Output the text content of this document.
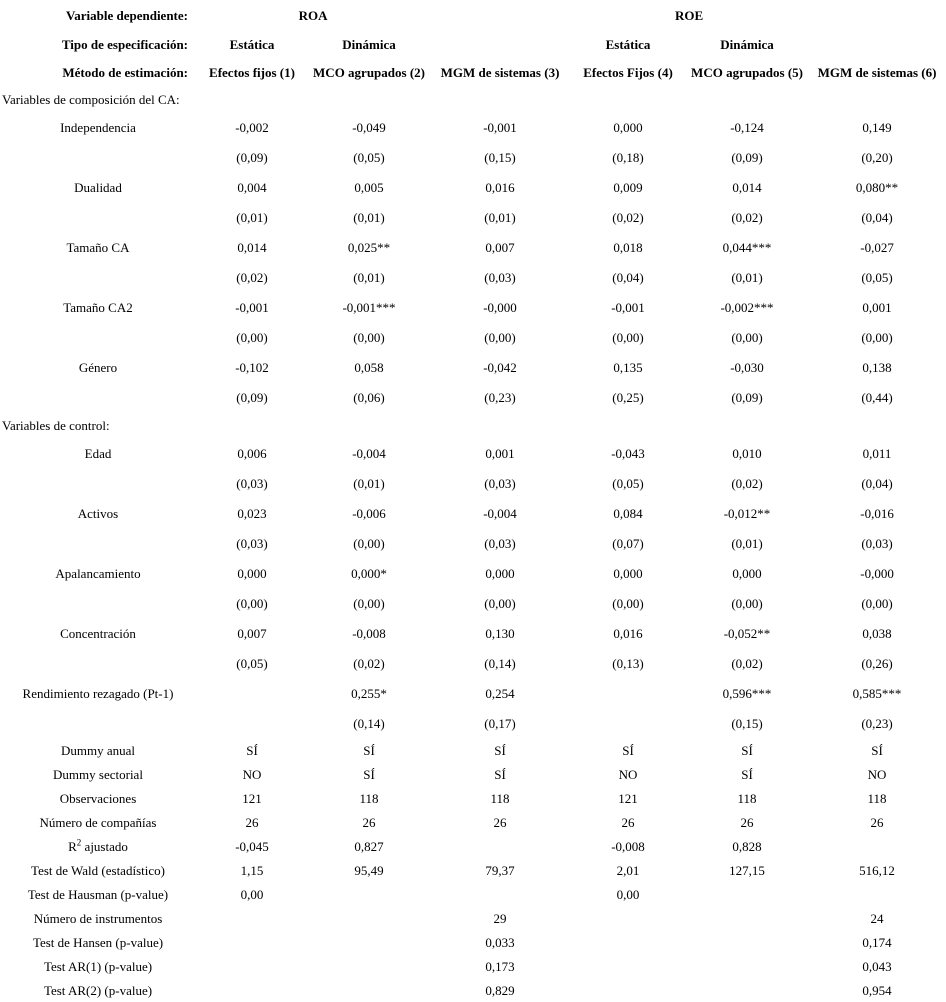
Variable dependiente:	ROA			ROE		
Tipo de especificación:	Estática	Dinámica		Estática	Dinámica	
Método de estimación:	Efectos fijos (1)	MCO agrupados (2)	MGM de sistemas (3)	Efectos Fijos (4)	MCO agrupados (5)	MGM de sistemas (6)
Variables de composición del CA:						
Independencia	-0,002	-0,049	-0,001	0,000	-0,124	0,149
	(0,09)	(0,05)	(0,15)	(0,18)	(0,09)	(0,20)
Dualidad	0,004	0,005	0,016	0,009	0,014	0,080**
	(0,01)	(0,01)	(0,01)	(0,02)	(0,02)	(0,04)
Tamaño CA	0,014	0,025**	0,007	0,018	0,044***	-0,027
	(0,02)	(0,01)	(0,03)	(0,04)	(0,01)	(0,05)
Tamaño CA2	-0,001	-0,001***	-0,000	-0,001	-0,002***	0,001
	(0,00)	(0,00)	(0,00)	(0,00)	(0,00)	(0,00)
Género	-0,102	0,058	-0,042	0,135	-0,030	0,138
	(0,09)	(0,06)	(0,23)	(0,25)	(0,09)	(0,44)
Variables de control:						
Edad	0,006	-0,004	0,001	-0,043	0,010	0,011
	(0,03)	(0,01)	(0,03)	(0,05)	(0,02)	(0,04)
Activos	0,023	-0,006	-0,004	0,084	-0,012**	-0,016
	(0,03)	(0,00)	(0,03)	(0,07)	(0,01)	(0,03)
Apalancamiento	0,000	0,000*	0,000	0,000	0,000	-0,000
	(0,00)	(0,00)	(0,00)	(0,00)	(0,00)	(0,00)
Concentración	0,007	-0,008	0,130	0,016	-0,052**	0,038
	(0,05)	(0,02)	(0,14)	(0,13)	(0,02)	(0,26)
Rendimiento rezagado (Pt-1)		0,255*	0,254		0,596***	0,585***
		(0,14)	(0,17)		(0,15)	(0,23)
Dummy anual	SÍ	SÍ	SÍ	SÍ	SÍ	SÍ
Dummy sectorial	NO	SÍ	SÍ	NO	SÍ	NO
Observaciones	121	118	118	121	118	118
Número de compañías	26	26	26	26	26	26
$R^2$ ajustado	-0,045	0,827		-0,008	0,828	
Test de Wald (estadístico)	1,15	95,49	79,37	2,01	127,15	516,12
Test de Hausman (p-value)	0,00			0,00		
Número de instrumentos			29			24
Test de Hansen (p-value)			0,033			0,174
Test AR(1) (p-value)			0,173			0,043
Test AR(2) (p-value)			0,829			0,954
